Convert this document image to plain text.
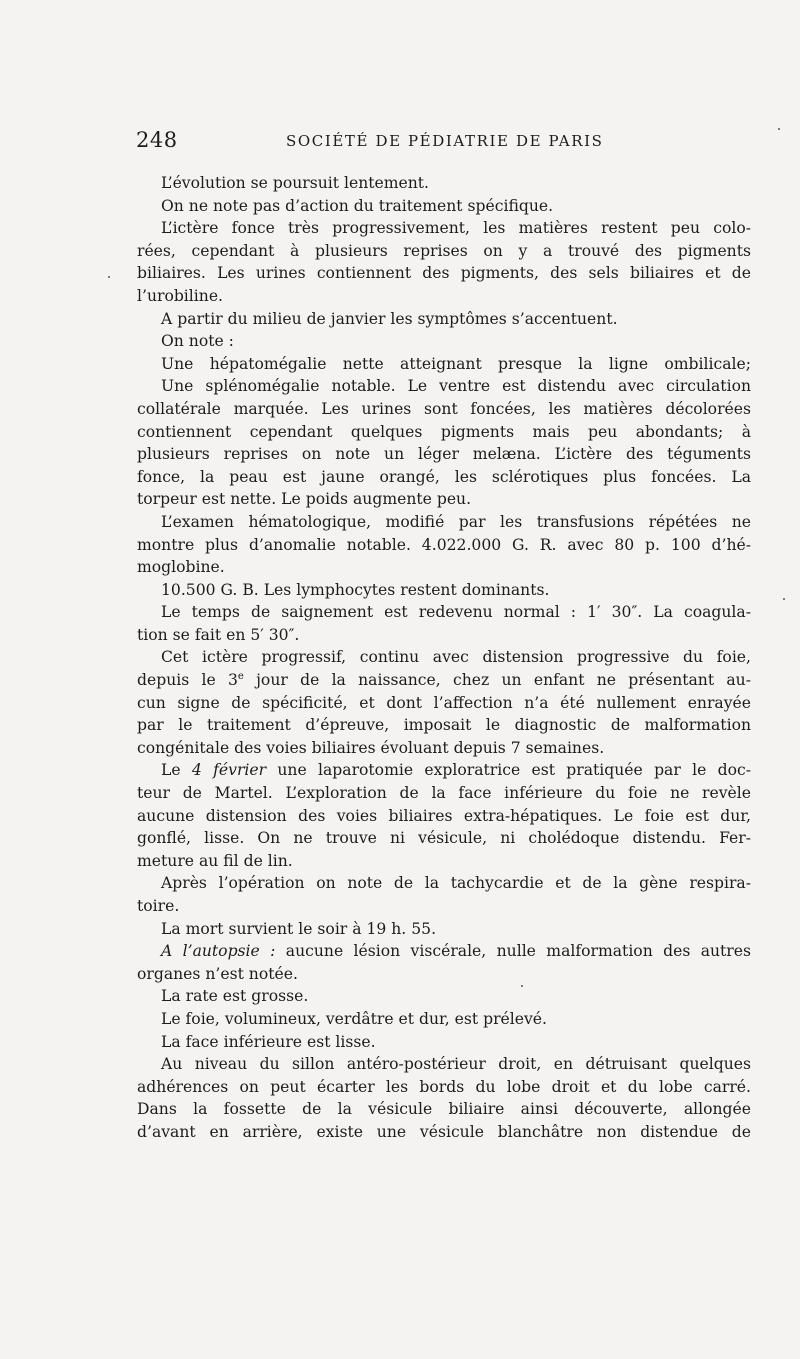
248	SOCIÉTÉ DE PÉDIATRIE DE PARIS
L’évolution se poursuit lentement.
On ne note pas d’action du traitement spécifique.
L’ictère fonce très progressivement, les matières restent peu colo-
rées, cependant à plusieurs reprises on y a trouvé des pigments
biliaires. Les urines contiennent des pigments, des sels biliaires et de
l’urobiline.
A partir du milieu de janvier les symptômes s’accentuent.
On note :
Une hépatomégalie nette atteignant presque la ligne ombilicale;
Une splénomégalie notable. Le ventre est distendu avec circulation
collatérale marquée. Les urines sont foncées, les matières décolorées
contiennent cependant quelques pigments mais peu abondants; à
plusieurs reprises on note un léger melæna. L’ictère des téguments
fonce, la peau est jaune orangé, les sclérotiques plus foncées. La
torpeur est nette. Le poids augmente peu.
L’examen hématologique, modifié par les transfusions répétées ne
montre plus d’anomalie notable. 4.022.000 G. R. avec 80 p. 100 d’hé-
moglobine.
10.500 G. B. Les lymphocytes restent dominants.
Le temps de saignement est redevenu normal : 1′ 30″. La coagula-
tion se fait en 5′ 30″.
Cet ictère progressif, continu avec distension progressive du foie,
depuis le 3e jour de la naissance, chez un enfant ne présentant au-
cun signe de spécificité, et dont l’affection n’a été nullement enrayée
par le traitement d’épreuve, imposait le diagnostic de malformation
congénitale des voies biliaires évoluant depuis 7 semaines.
Le 4 février une laparotomie exploratrice est pratiquée par le doc-
teur de Martel. L’exploration de la face inférieure du foie ne revèle
aucune distension des voies biliaires extra-hépatiques. Le foie est dur,
gonflé, lisse. On ne trouve ni vésicule, ni cholédoque distendu. Fer-
meture au fil de lin.
Après l’opération on note de la tachycardie et de la gène respira-
toire.
La mort survient le soir à 19 h. 55.
A l’autopsie : aucune lésion viscérale, nulle malformation des autres
organes n’est notée.
La rate est grosse.
Le foie, volumineux, verdâtre et dur, est prélevé.
La face inférieure est lisse.
Au niveau du sillon antéro-postérieur droit, en détruisant quelques
adhérences on peut écarter les bords du lobe droit et du lobe carré.
Dans la fossette de la vésicule biliaire ainsi découverte, allongée
d’avant en arrière, existe une vésicule blanchâtre non distendue de
